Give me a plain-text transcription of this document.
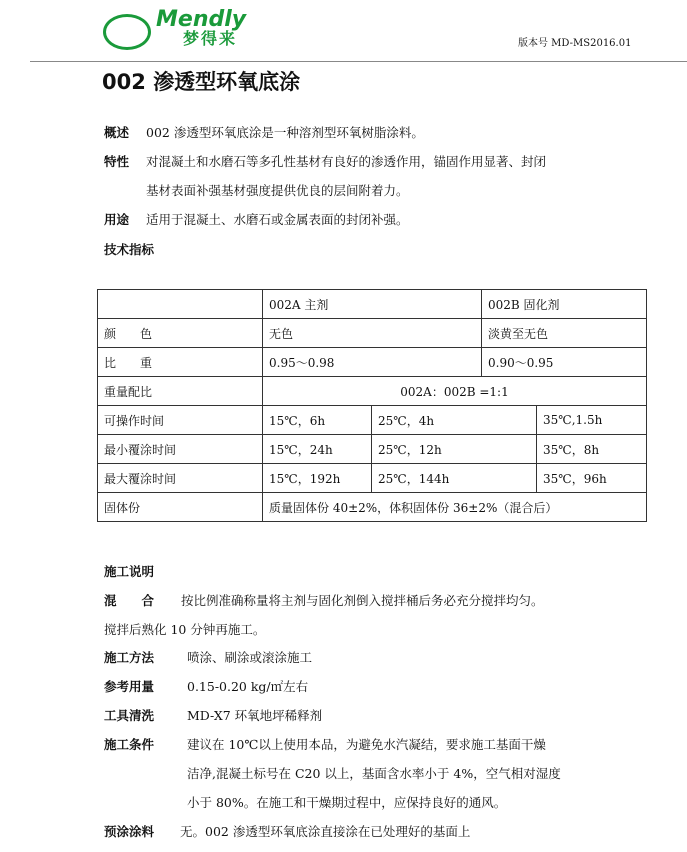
Mendly
梦得来	版本号 MD-MS2016.01
002 渗透型环氧底涂
概述 002 渗透型环氧底涂是一种溶剂型环氧树脂涂料。
特性 对混凝土和水磨石等多孔性基材有良好的渗透作用，锚固作用显著、封闭
基材表面补强基材强度提供优良的层间附着力。
用途 适用于混凝土、水磨石或金属表面的封闭补强。
技术指标
	002A 主剂		002B 固化剂	
颜　　色	无色		淡黄至无色	
比　　重	0.95～0.98		0.90～0.95	
重量配比	002A：002B =1:1			
可操作时间	15℃，6h	25℃，4h		35℃,1.5h
最小覆涂时间	15℃，24h	25℃，12h		35℃，8h
最大覆涂时间	15℃，192h	25℃，144h		35℃，96h
固体份	质量固体份 40±2%，体积固体份 36±2%（混合后）			
施工说明
混　　合 按比例准确称量将主剂与固化剂倒入搅拌桶后务必充分搅拌均匀。
搅拌后熟化 10 分钟再施工。
施工方法	喷涂、刷涂或滚涂施工
参考用量	0.15-0.20 kg/㎡左右
工具清洗	MD-X7 环氧地坪稀释剂
施工条件	建议在 10℃以上使用本品，为避免水汽凝结，要求施工基面干燥
洁净,混凝土标号在 C20 以上，基面含水率小于 4%，空气相对湿度
小于 80%。在施工和干燥期过程中，应保持良好的通风。
预涂涂料 无。002 渗透型环氧底涂直接涂在已处理好的基面上
